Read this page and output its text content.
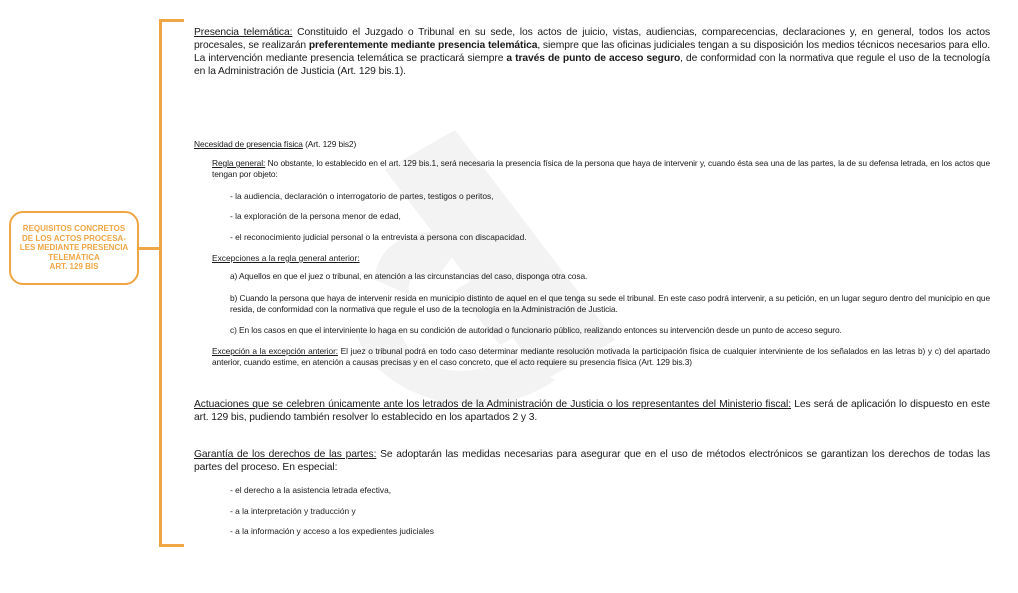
REQUISITOS CONCRETOS
DE LOS ACTOS PROCESA-
LES MEDIANTE PRESENCIA
TELEMÁTICA
ART. 129 BIS

Presencia telemática: Constituido el Juzgado o Tribunal en su sede, los actos de juicio, vistas, audiencias, comparecencias, declaraciones y, en general, todos los actos procesales, se realizarán preferentemente mediante presencia telemática, siempre que las oficinas judiciales tengan a su disposición los medios técnicos necesarios para ello. La intervención mediante presencia telemática se practicará siempre a través de punto de acceso seguro, de conformidad con la normativa que regule el uso de la tecnología en la Administración de Justicia (Art. 129 bis.1).

Necesidad de presencia física (Art. 129 bis2)

Regla general: No obstante, lo establecido en el art. 129 bis.1, será necesaria la presencia física de la persona que haya de intervenir y, cuando ésta sea una de las partes, la de su defensa letrada, en los actos que tengan por objeto:

- la audiencia, declaración o interrogatorio de partes, testigos o peritos,
- la exploración de la persona menor de edad,
- el reconocimiento judicial personal o la entrevista a persona con discapacidad.
Excepciones a la regla general anterior:

a) Aquellos en que el juez o tribunal, en atención a las circunstancias del caso, disponga otra cosa.

b) Cuando la persona que haya de intervenir resida en municipio distinto de aquel en el que tenga su sede el tribunal. En este caso podrá intervenir, a su petición, en un lugar seguro dentro del municipio en que resida, de conformidad con la normativa que regule el uso de la tecnología en la Administración de Justicia.

c) En los casos en que el interviniente lo haga en su condición de autoridad o funcionario público, realizando entonces su intervención desde un punto de acceso seguro.

Excepción a la excepción anterior: El juez o tribunal podrá en todo caso determinar mediante resolución motivada la participación física de cualquier interviniente de los señalados en las letras b) y c) del apartado anterior, cuando estime, en atención a causas precisas y en el caso concreto, que el acto requiere su presencia física (Art. 129 bis.3)

Actuaciones que se celebren únicamente ante los letrados de la Administración de Justicia o los representantes del Ministerio fiscal: Les será de aplicación lo dispuesto en este art. 129 bis, pudiendo también resolver lo establecido en los apartados 2 y 3.

Garantía de los derechos de las partes: Se adoptarán las medidas necesarias para asegurar que en el uso de métodos electrónicos se garantizan los derechos de todas las partes del proceso. En especial:

- el derecho a la asistencia letrada efectiva,
- a la interpretación y traducción y
- a la información y acceso a los expedientes judiciales
